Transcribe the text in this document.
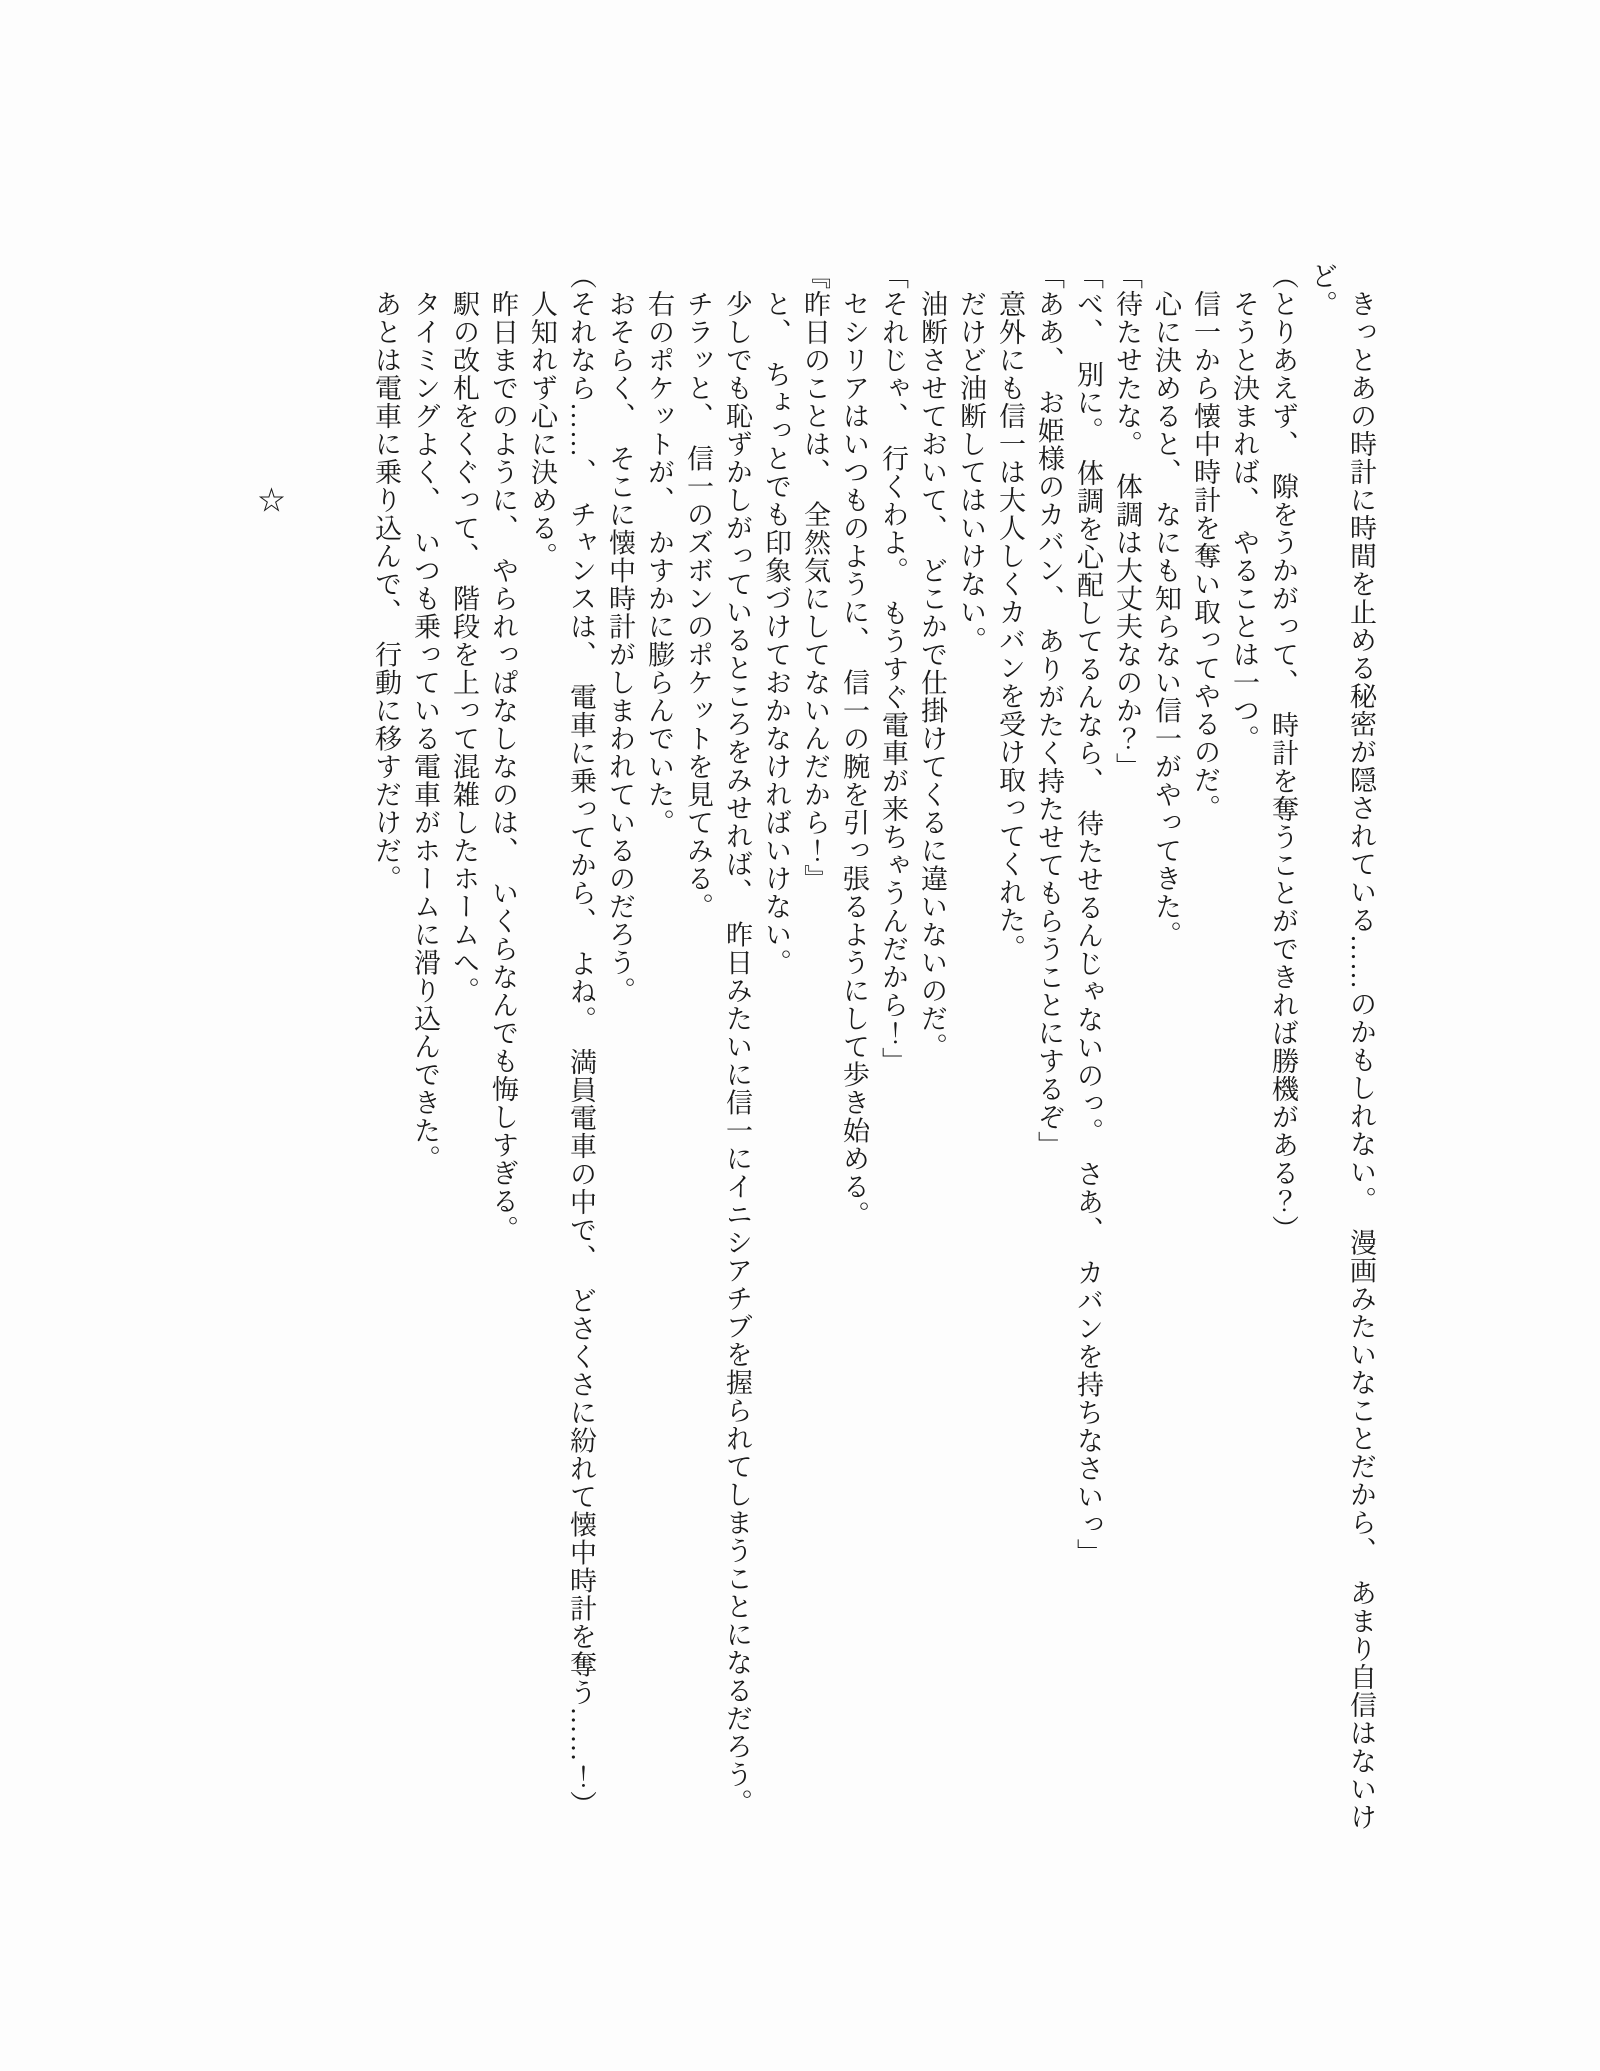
　きっとあの時計に時間を止める秘密が隠されている……のかもしれない。　漫画みたいなことだから、　あまり自信はないけ

ど。

（とりあえず、　隙をうかがって、　時計を奪うことができれば勝機がある？）

　そうと決まれば、　やることは一つ。

　信一から懐中時計を奪い取ってやるのだ。

　心に決めると、　なにも知らない信一がやってきた。

「待たせたな。　体調は大丈夫なのか？」

「べ、　別に。　体調を心配してるんなら、　待たせるんじゃないのっ。　さあ、　カバンを持ちなさいっ」

「ああ、　お姫様のカバン、　ありがたく持たせてもらうことにするぞ」

　意外にも信一は大人しくカバンを受け取ってくれた。

　だけど油断してはいけない。

　油断させておいて、　どこかで仕掛けてくるに違いないのだ。

「それじゃ、　行くわよ。　もうすぐ電車が来ちゃうんだから！」

　セシリアはいつものように、　信一の腕を引っ張るようにして歩き始める。

『昨日のことは、　全然気にしてないんだから！』

　と、　ちょっとでも印象づけておかなければいけない。

　少しでも恥ずかしがっているところをみせれば、　昨日みたいに信一にイニシアチブを握られてしまうことになるだろう。

　チラッと、　信一のズボンのポケットを見てみる。

　右のポケットが、　かすかに膨らんでいた。

　おそらく、　そこに懐中時計がしまわれているのだろう。

（それなら……、　チャンスは、　電車に乗ってから、　よね。　満員電車の中で、　どさくさに紛れて懐中時計を奪う……！）

　人知れず心に決める。

　昨日までのように、　やられっぱなしなのは、　いくらなんでも悔しすぎる。

　駅の改札をくぐって、　階段を上って混雑したホームへ。

　タイミングよく、　いつも乗っている電車がホームに滑り込んできた。

　あとは電車に乗り込んで、　行動に移すだけだ。

　　　　　　　　☆
